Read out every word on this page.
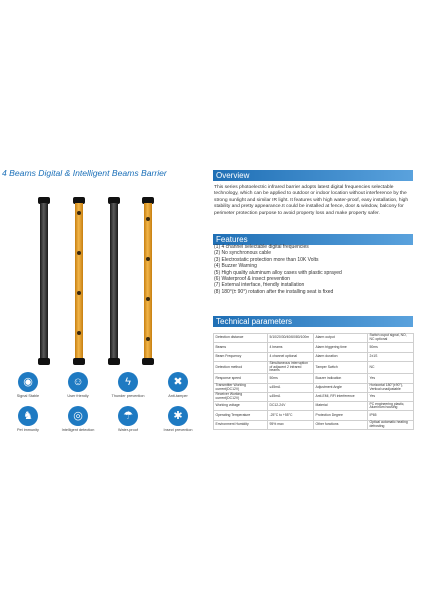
4 Beams Digital & Intelligent Beams Barrier
◉
Signal Stable
☺
User friendly
ϟ
Thunder prevention
✖
Anti-tamper
♞
Pet immunity
◎
Intelligent detection
☂
Water-proof
✱
Insect prevention
Overview
This series photoelectric infrared barrier adopts latest digital frequencies selectable technology, which can be applied to outdoor or indoor location without interference by the strong sunlight and similar IR light. It features with high water-proof, easy installation, high stability and pretty appearance.It could be installed at fence, door & window, balcony for perimeter protection purpose to avoid property loss and make property safer.
Features
(1) 4 channel selectable digital frequencies
(2) No synchronous cable
(3) Electrostatic protection more than 10K Volts
(4) Buzzer Warning
(5) High quality aluminum alloy cases with plastic sprayed
(6) Waterproof & insect prevention
(7) External interface, friendly installation
(8) 180°(± 90°) rotation after the installing seat is fixed
Technical parameters
Detection distance	5/10/20/30/40/60/80/100m	Alarm output	Switch ouput signal, NO, NC optional
Beams	4 beams	Alarm triggering time	50ms
Beam Frequency	4 channel optional	Alarm duration	2±1S
Detection method	Simultaneous interruption of adjacent 2 infrared beams	Tamper Switch	NC
Response speed	50ms	Buzzer indication	Yes
Transmitter Working current(DC12V)	≤45mA	Adjustment Angle	Horizontal 180°(±90°), Vertical unadjustable
Receiver Working current(DC12V)	≤45mA	Anti-EMI, RFI interference	Yes
Working voltage	DC12-24V	Material	PC engineering plastic, Aluminum housing
Operating Temperature	-25°C to +55°C	Protection Degree	IP65
Environment Humidity	95% max	Other functions	Optical automatic heating defrosting
